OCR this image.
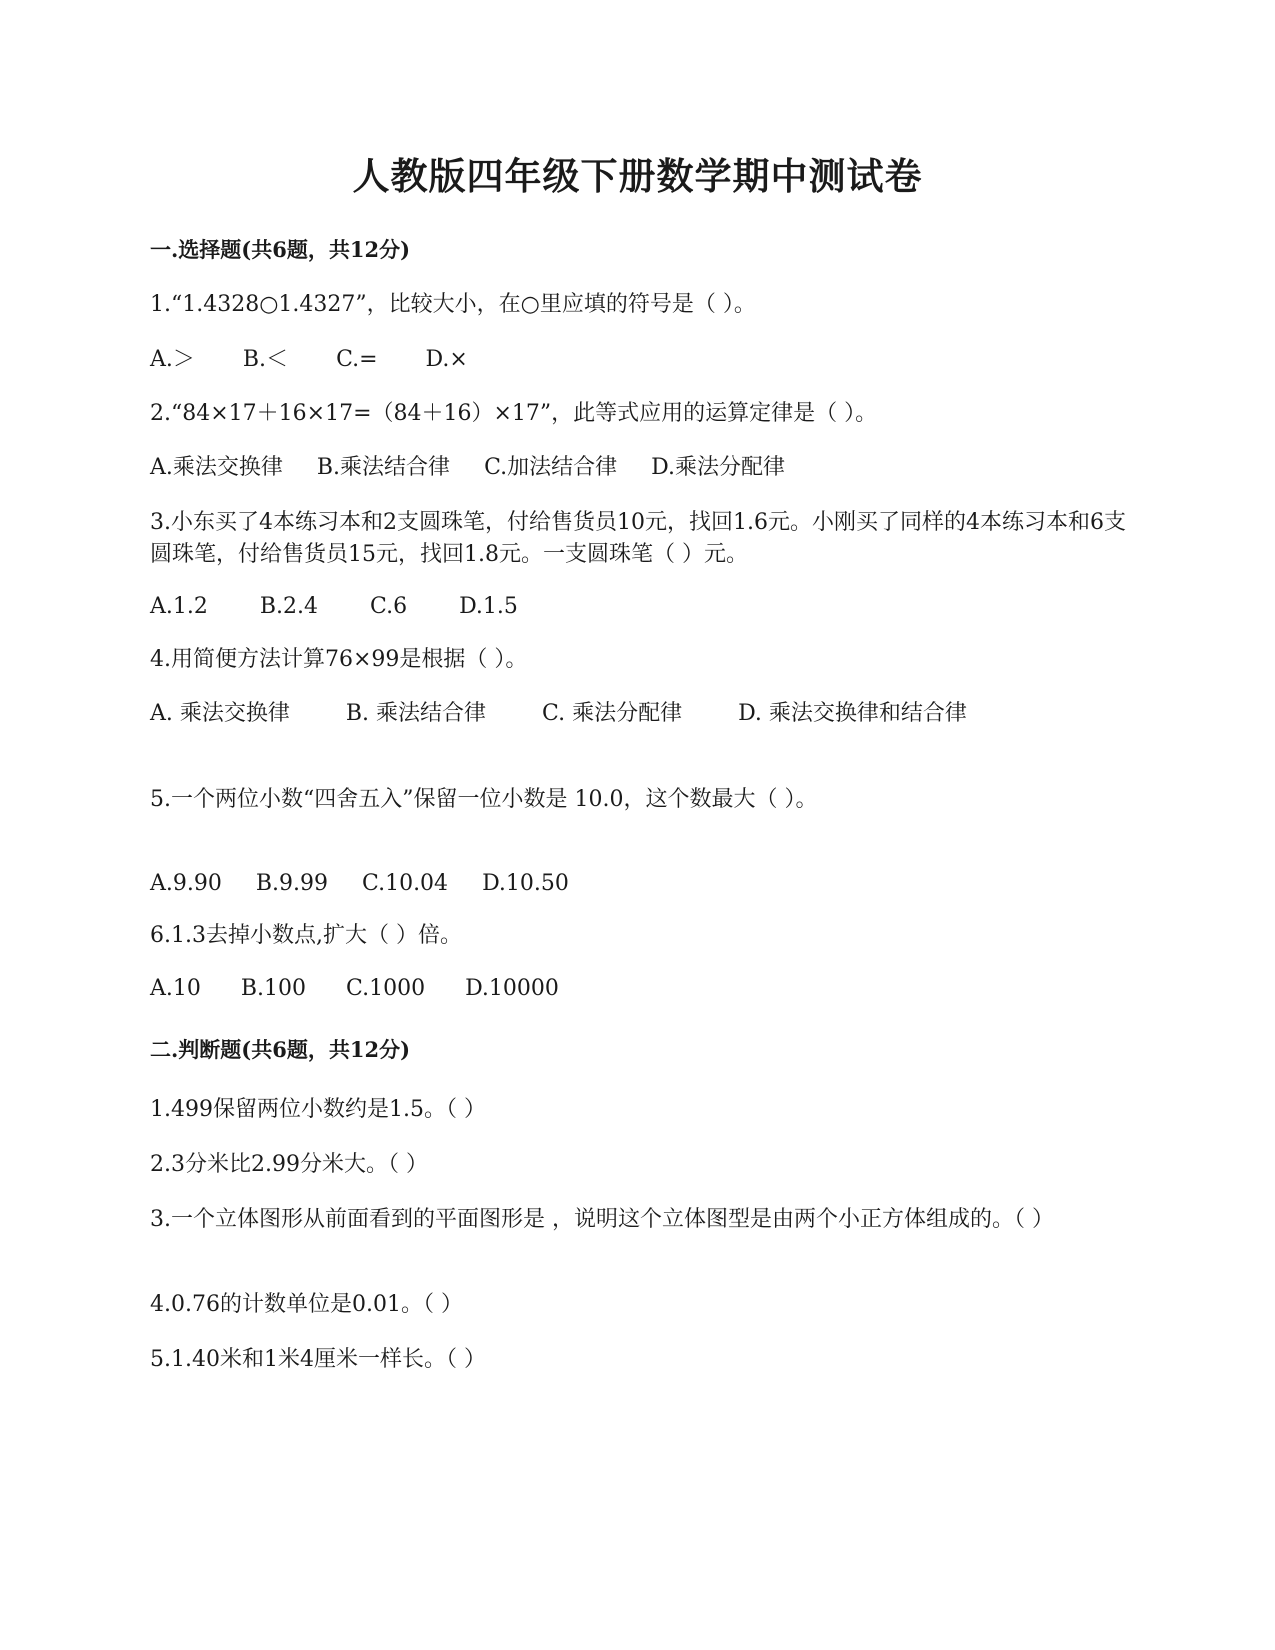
人教版四年级下册数学期中测试卷
一.选择题(共6题，共12分)
1.“1.4328○1.4327”，比较大小，在○里应填的符号是（ ）。
A.＞ B.＜ C.= D.×
2.“84×17＋16×17=（84＋16）×17”，此等式应用的运算定律是（ ）。
A.乘法交换律 B.乘法结合律 C.加法结合律 D.乘法分配律
3.小东买了4本练习本和2支圆珠笔，付给售货员10元，找回1.6元。小刚买了同样的4本练习本和6支圆珠笔，付给售货员15元，找回1.8元。一支圆珠笔（ ）元。
A.1.2 B.2.4 C.6 D.1.5
4.用简便方法计算76×99是根据（ ）。
A. 乘法交换律	B. 乘法结合律	C. 乘法分配律	D. 乘法交换律和结合律
5.一个两位小数“四舍五入”保留一位小数是 10.0，这个数最大（ ）。
A.9.90 B.9.99 C.10.04 D.10.50
6.1.3去掉小数点,扩大（ ）倍。
A.10 B.100 C.1000 D.10000
二.判断题(共6题，共12分)
1.499保留两位小数约是1.5。（ ）
2.3分米比2.99分米大。（ ）
3.一个立体图形从前面看到的平面图形是 ，说明这个立体图型是由两个小正方体组成的。（ ）
4.0.76的计数单位是0.01。（ ）
5.1.40米和1米4厘米一样长。（ ）
